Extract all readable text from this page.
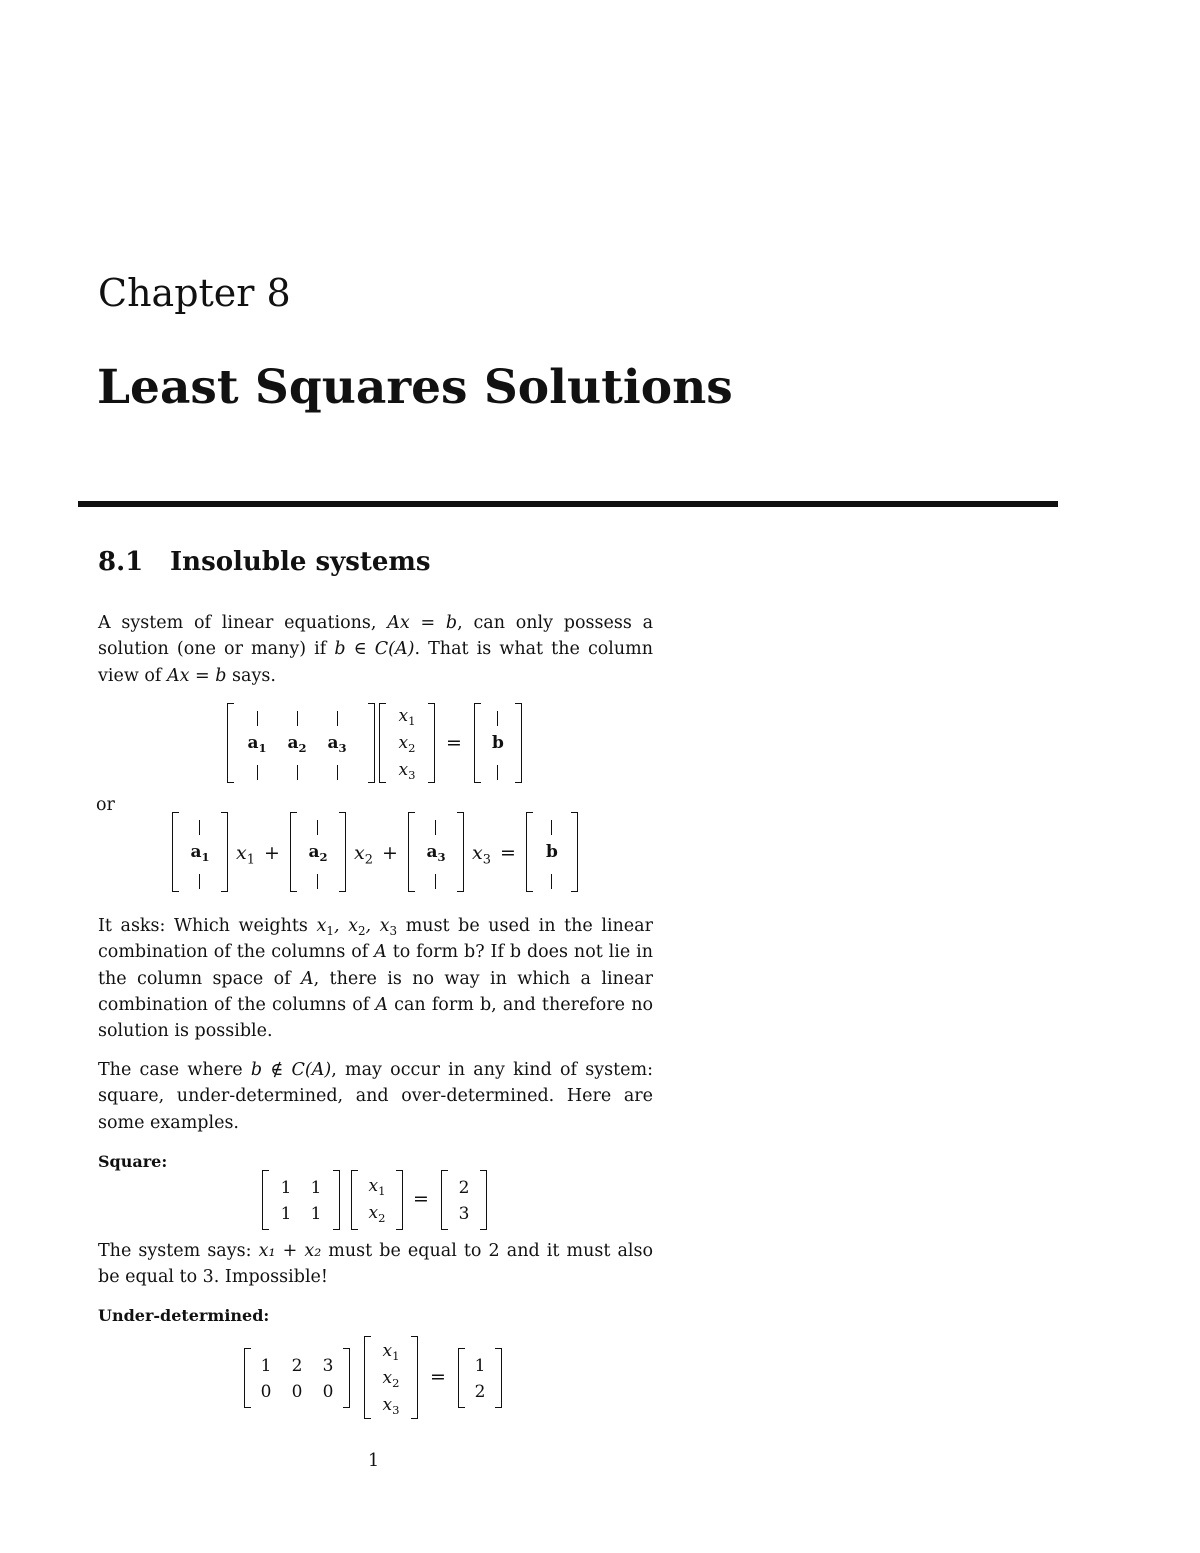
Chapter 8
Least Squares Solutions
8.1 Insoluble systems
A system of linear equations, Ax = b, can only possess a solution (one or many) if b ∈ C(A). That is what the column view of Ax = b says.
$a_1$	$a_2$	$a_3$
$x_1$
$x_2$
$x_3$
=	b
or
$a_1$	$x_1$ +	$a_2$	$x_2$ +	$a_3$	$x_3$ =	b
It asks: Which weights $x_1$, $x_2$, $x_3$ must be used in the linear combination of the columns of A to form b? If b does not lie in the column space of A, there is no way in which a linear combination of the columns of A can form b, and therefore no solution is possible.
The case where b ∉ C(A), may occur in any kind of system: square, under-determined, and over-determined. Here are some examples.
Square:
1	1
1	1
$x_1$
$x_2$
=	2
3
The system says: x₁ + x₂ must be equal to 2 and it must also be equal to 3. Impossible!
Under-determined:
1	2	3
0	0	0
$x_1$
$x_2$
$x_3$
=	1
2
1
